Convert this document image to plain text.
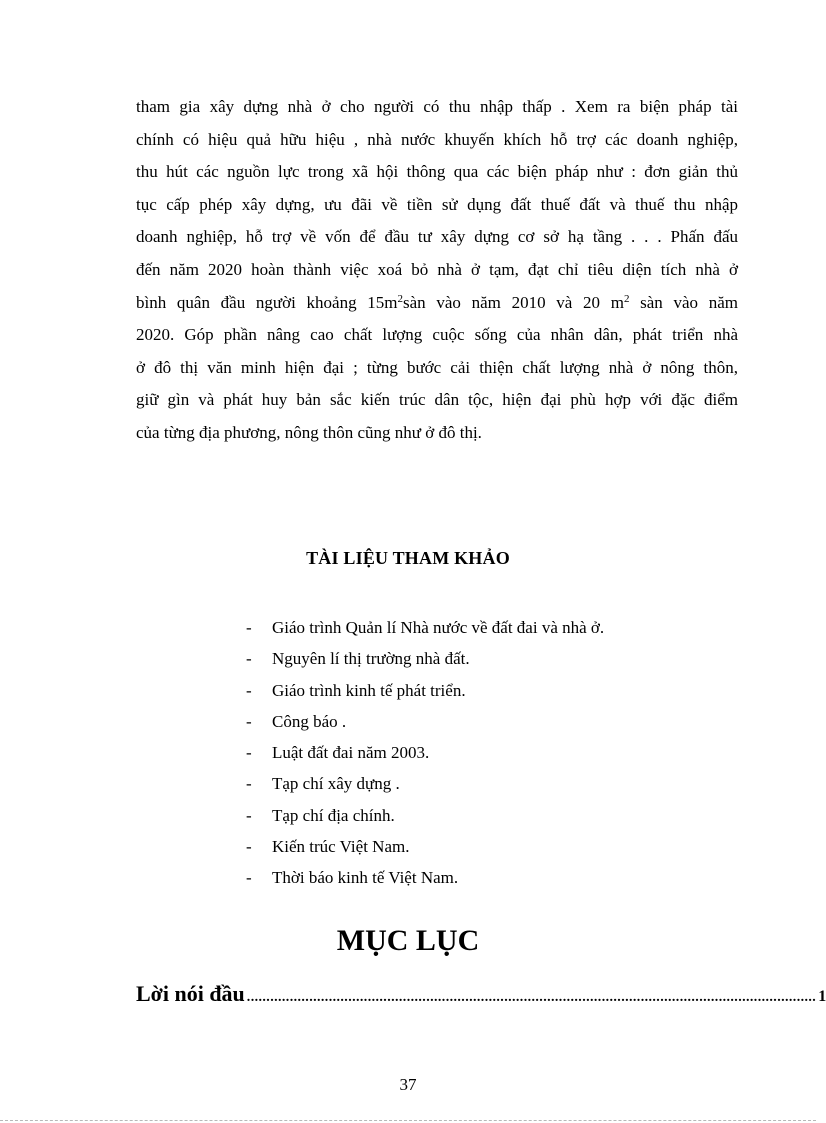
tham gia xây dựng nhà ở cho người có thu nhập thấp . Xem ra biện pháp tài
chính có hiệu quả hữu hiệu , nhà nước khuyến khích hỗ trợ các doanh nghiệp,
thu hút các nguồn lực trong xã hội thông qua các biện pháp như : đơn giản thủ
tục cấp phép xây dựng, ưu đãi về tiền sử dụng đất thuế đất và thuế thu nhập
doanh nghiệp, hỗ trợ về vốn để đầu tư xây dựng cơ sở hạ tầng . . . Phấn đấu
đến năm 2020 hoàn thành việc xoá bỏ nhà ở tạm, đạt chỉ tiêu diện tích nhà ở
bình quân đầu người khoảng $15m^2sàn$ vào năm 2010 và 20 $m^2$ sàn vào năm
2020. Góp phần nâng cao chất lượng cuộc sống của nhân dân, phát triển nhà
ở đô thị văn minh hiện đại ; từng bước cải thiện chất lượng nhà ở nông thôn,
giữ gìn và phát huy bản sắc kiến trúc dân tộc, hiện đại phù hợp với đặc điểm
của từng địa phương, nông thôn cũng như ở đô thị.
TÀI LIỆU THAM KHẢO
- Giáo trình Quản lí Nhà nước về đất đai và nhà ở.
- Nguyên lí thị trường nhà đất.
- Giáo trình kinh tế phát triển.
- Công báo .
- Luật đất đai năm 2003.
- Tạp chí xây dựng .
- Tạp chí địa chính.
- Kiến trúc Việt Nam.
- Thời báo kinh tế Việt Nam.
MỤC LỤC
Lời nói đầu .................................................................................................................................................. 1
37
